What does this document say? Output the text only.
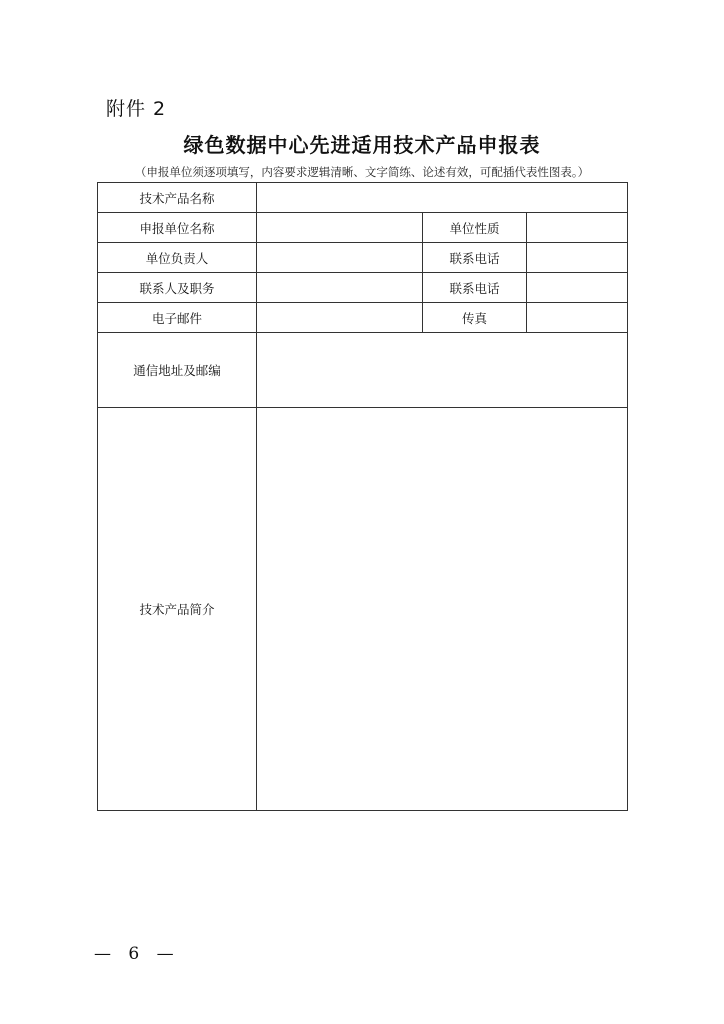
附件 2
绿色数据中心先进适用技术产品申报表
（申报单位须逐项填写，内容要求逻辑清晰、文字简练、论述有效，可配插代表性图表。）
技术产品名称			
申报单位名称		单位性质	
单位负责人		联系电话	
联系人及职务		联系电话	
电子邮件		传真	
通信地址及邮编			
技术产品简介			
— 6 —
